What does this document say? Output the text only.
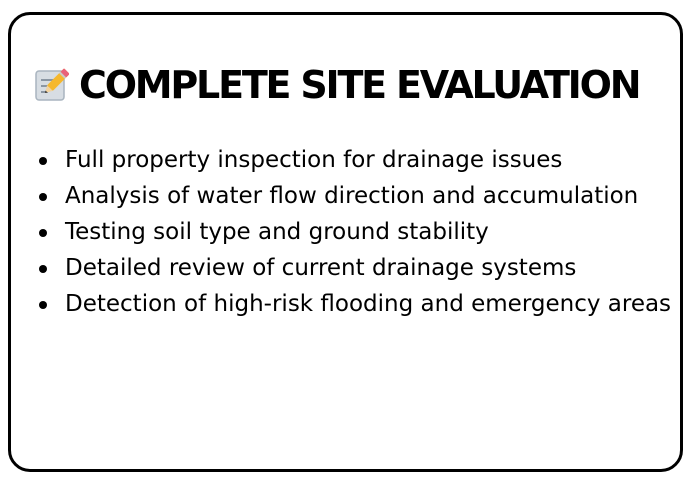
COMPLETE SITE EVALUATION
Full property inspection for drainage issues
Analysis of water flow direction and accumulation
Testing soil type and ground stability
Detailed review of current drainage systems
Detection of high-risk flooding and emergency areas
